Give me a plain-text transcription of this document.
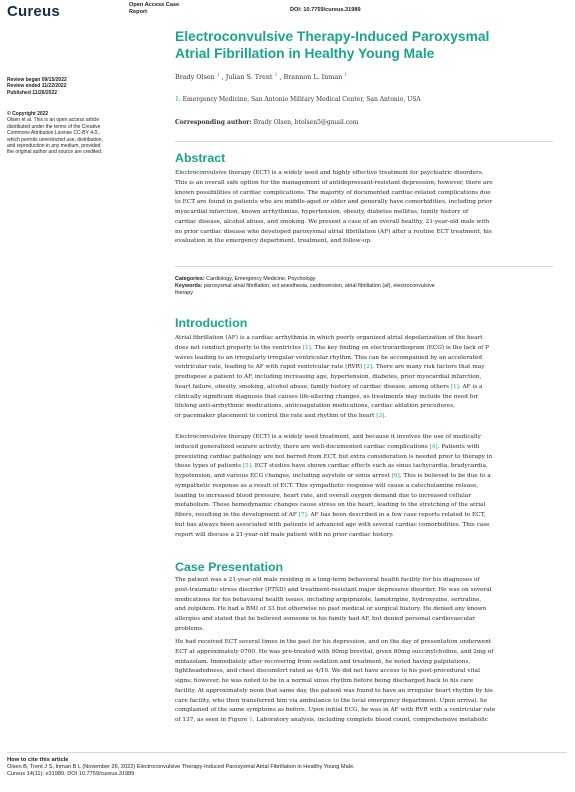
Cureus	Open Access Case
Report	DOI: 10.7759/cureus.31989
Electroconvulsive Therapy-Induced Paroxysmal
Atrial Fibrillation in Healthy Young Male
Brady Olsen $^1$ , Julian S. Trent $^1$ , Brannon L. Inman $^1$
1. Emergency Medicine, San Antonio Military Medical Center, San Antonio, USA
Corresponding author: Brady Olsen, btolsen5@gmail.com
Review began 09/15/2022
Review ended 11/22/2022
Published 11/26/2022
© Copyright 2022
Olsen et al. This is an open access article
distributed under the terms of the Creative
Commons Attribution License CC-BY 4.0.,
which permits unrestricted use, distribution,
and reproduction in any medium, provided
the original author and source are credited.	Abstract
Electroconvulsive therapy (ECT) is a widely used and highly effective treatment for psychiatric disorders.
This is an overall safe option for the management of antidepressant-resistant depression; however, there are
known possibilities of cardiac complications. The majority of documented cardiac-related complications due
to ECT are found in patients who are middle-aged or older and generally have comorbidities, including prior
myocardial infarction, known arrhythmias, hypertension, obesity, diabetes mellitus, family history of
cardiac disease, alcohol abuse, and smoking. We present a case of an overall healthy, 21-year-old male with
no prior cardiac disease who developed paroxysmal atrial fibrillation (AF) after a routine ECT treatment, his
evaluation in the emergency department, treatment, and follow-up.
Categories: Cardiology, Emergency Medicine, Psychology
Keywords: paroxysmal atrial fibrillation, ect anesthesia, cardioversion, atrial fibrillation (af), electroconvulsive
therapy
Introduction
Atrial fibrillation (AF) is a cardiac arrhythmia in which poorly organized atrial depolarization of the heart
does not conduct properly to the ventricles [1]. The key finding on electrocardiogram (ECG) is the lack of P
waves leading to an irregularly irregular ventricular rhythm. This can be accompanied by an accelerated
ventricular rate, leading to AF with rapid ventricular rate (RVR) [2]. There are many risk factors that may
predispose a patient to AF, including increasing age, hypertension, diabetes, prior myocardial infarction,
heart failure, obesity, smoking, alcohol abuse, family history of cardiac disease, among others [1]. AF is a
clinically significant diagnosis that causes life-altering changes, as treatments may include the need for
lifelong anti-arrhythmic medications, anticoagulation medications, cardiac ablation procedures,
or pacemaker placement to control the rate and rhythm of the heart [3].
Electroconvulsive therapy (ECT) is a widely used treatment, and because it involves the use of medically
induced generalized seizure activity, there are well-documented cardiac complications [4]. Patients with
preexisting cardiac pathology are not barred from ECT, but extra consideration is needed prior to therapy in
these types of patients [5]. ECT studies have shown cardiac effects such as sinus tachycardia, bradycardia,
hypotension, and various ECG changes, including asystole or sinus arrest [6]. This is believed to be due to a
sympathetic response as a result of ECT. This sympathetic response will cause a catecholamine release,
leading to increased blood pressure, heart rate, and overall oxygen demand due to increased cellular
metabolism. These hemodynamic changes cause stress on the heart, leading to the stretching of the atrial
fibers, resulting in the development of AF [7]. AF has been described in a few case reports related to ECT,
but has always been associated with patients of advanced age with several cardiac comorbidities. This case
report will discuss a 21-year-old male patient with no prior cardiac history.
Case Presentation
The patient was a 21-year-old male residing in a long-term behavioral health facility for his diagnoses of
post-traumatic stress disorder (PTSD) and treatment-resistant major depressive disorder. He was on several
medications for his behavioral health issues, including aripiprazole, lamotrigine, hydroxyzine, sertraline,
and zolpidem. He had a BMI of 33 but otherwise no past medical or surgical history. He denied any known
allergies and stated that he believed someone in his family had AF, but denied personal cardiovascular
problems.
He had received ECT several times in the past for his depression, and on the day of presentation underwent
ECT at approximately 0700. He was pre-treated with 90mg brevital, given 80mg succinylcholine, and 2mg of
midazolam. Immediately after recovering from sedation and treatment, he noted having palpitations,
lightheadedness, and chest discomfort rated as 4/10. We did not have access to his post-procedural vital
signs; however, he was noted to be in a normal sinus rhythm before being discharged back to his care
facility. At approximately noon that same day, the patient was found to have an irregular heart rhythm by his
care facility, who then transferred him via ambulance to the local emergency department. Upon arrival, he
complained of the same symptoms as before. Upon initial ECG, he was in AF with RVR with a ventricular rate
of 137, as seen in Figure 1. Laboratory analysis, including complete blood count, comprehensive metabolic
How to cite this article
Olsen B, Trent J S, Inman B L (November 26, 2022) Electroconvulsive Therapy-Induced Paroxysmal Atrial Fibrillation in Healthy Young Male.
Cureus 14(11): e31989. DOI 10.7759/cureus.31989
